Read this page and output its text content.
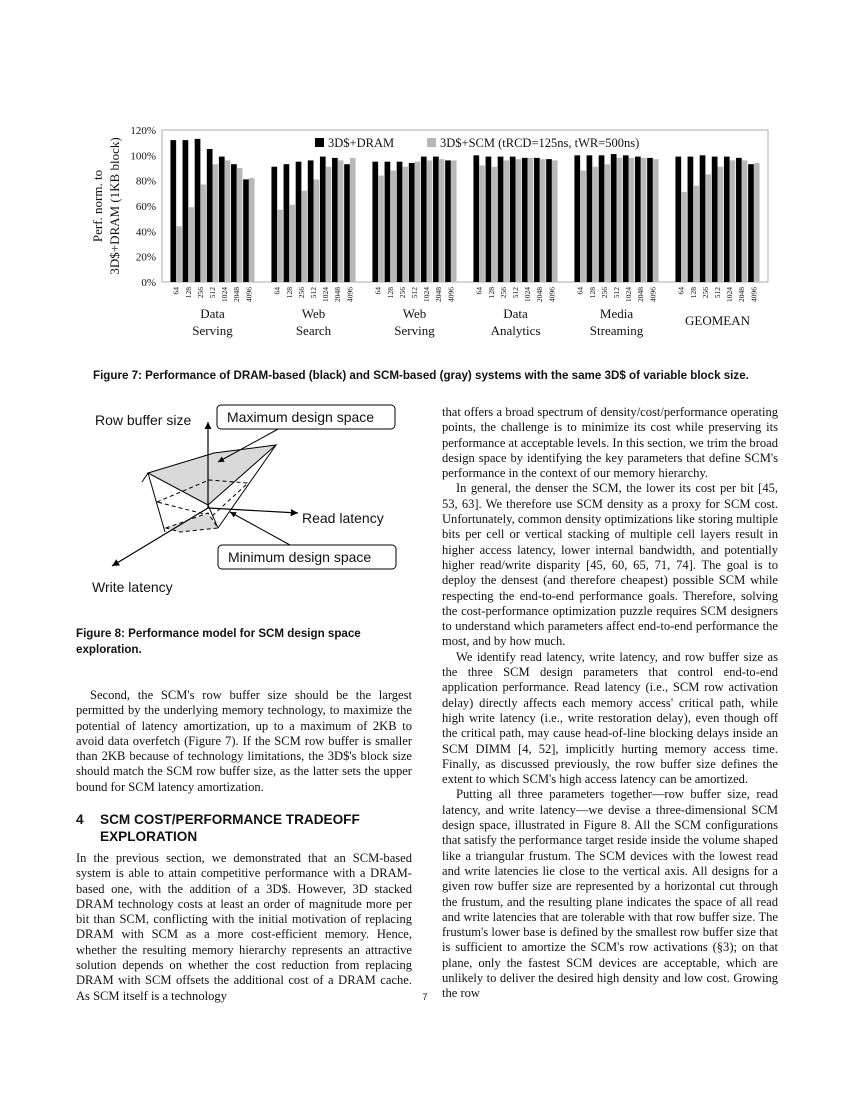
Perf. norm. to 3D$+DRAM (1KB block)
0%
20%
40%
60%
80%
100%
120%
64 128 256 512 1024 2048 4096
Data
Serving
64 128 256 512 1024 2048 4096
Web
Search
64 128 256 512 1024 2048 4096
Web
Serving
64 128 256 512 1024 2048 4096
Data
Analytics
64 128 256 512 1024 2048 4096
Media
Streaming
64 128 256 512 1024 2048 4096
GEOMEAN
3D$+DRAM	3D$+SCM (tRCD=125ns, tWR=500ns)
Figure 7: Performance of DRAM-based (black) and SCM-based (gray) systems with the same 3D$ of variable block size.
Row buffer size	Maximum design space
Read latency
Minimum design space
Write latency
Figure 8: Performance model for SCM design space exploration.

Second, the SCM's row buffer size should be the largest permitted by the underlying memory technology, to maximize the potential of latency amortization, up to a maximum of 2KB to avoid data overfetch (Figure 7). If the SCM row buffer is smaller than 2KB because of technology limitations, the 3D$'s block size should match the SCM row buffer size, as the latter sets the upper bound for SCM latency amortization.

4 SCM COST/PERFORMANCE TRADEOFF
EXPLORATION

In the previous section, we demonstrated that an SCM-based system is able to attain competitive performance with a DRAM-based one, with the addition of a 3D$. However, 3D stacked DRAM technology costs at least an order of magnitude more per bit than SCM, conflicting with the initial motivation of replacing DRAM with SCM as a more cost-efficient memory. Hence, whether the resulting memory hierarchy represents an attractive solution depends on whether the cost reduction from replacing DRAM with SCM offsets the additional cost of a DRAM cache. As SCM itself is a technology

that offers a broad spectrum of density/cost/performance operating points, the challenge is to minimize its cost while preserving its performance at acceptable levels. In this section, we trim the broad design space by identifying the key parameters that define SCM's performance in the context of our memory hierarchy.

In general, the denser the SCM, the lower its cost per bit [45, 53, 63]. We therefore use SCM density as a proxy for SCM cost. Unfortunately, common density optimizations like storing multiple bits per cell or vertical stacking of multiple cell layers result in higher access latency, lower internal bandwidth, and potentially higher read/write disparity [45, 60, 65, 71, 74]. The goal is to deploy the densest (and therefore cheapest) possible SCM while respecting the end-to-end performance goals. Therefore, solving the cost-performance optimization puzzle requires SCM designers to understand which parameters affect end-to-end performance the most, and by how much.

We identify read latency, write latency, and row buffer size as the three SCM design parameters that control end-to-end application performance. Read latency (i.e., SCM row activation delay) directly affects each memory access' critical path, while high write latency (i.e., write restoration delay), even though off the critical path, may cause head-of-line blocking delays inside an SCM DIMM [4, 52], implicitly hurting memory access time. Finally, as discussed previously, the row buffer size defines the extent to which SCM's high access latency can be amortized.

Putting all three parameters together—row buffer size, read latency, and write latency—we devise a three-dimensional SCM design space, illustrated in Figure 8. All the SCM configurations that satisfy the performance target reside inside the volume shaped like a triangular frustum. The SCM devices with the lowest read and write latencies lie close to the vertical axis. All designs for a given row buffer size are represented by a horizontal cut through the frustum, and the resulting plane indicates the space of all read and write latencies that are tolerable with that row buffer size. The frustum's lower base is defined by the smallest row buffer size that is sufficient to amortize the SCM's row activations (§3); on that plane, only the fastest SCM devices are acceptable, which are unlikely to deliver the desired high density and low cost. Growing the row

7
